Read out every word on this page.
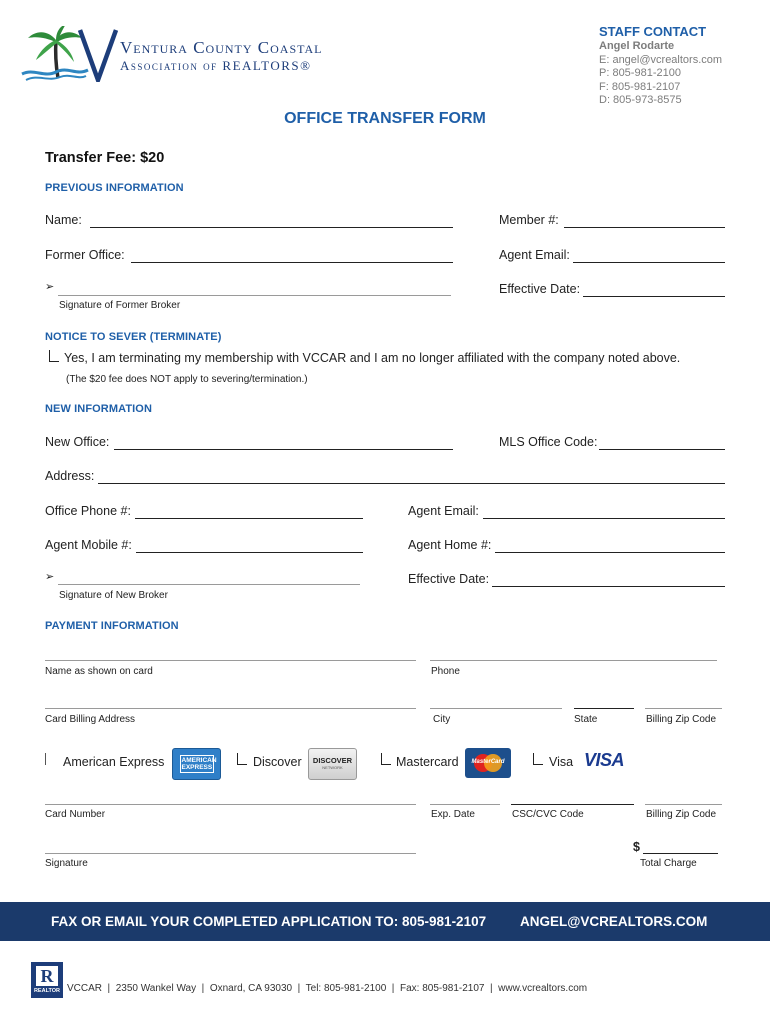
Ventura County Coastal
Association of REALTORS®
STAFF CONTACT
Angel Rodarte
E: angel@vcrealtors.com
P: 805-981-2100
F: 805-981-2107
D: 805-973-8575
OFFICE TRANSFER FORM
Transfer Fee: $20
PREVIOUS INFORMATION
Name:	Member #:
Former Office:	Agent Email:
➢	Effective Date:
Signature of Former Broker
NOTICE TO SEVER (TERMINATE)
Yes, I am terminating my membership with VCCAR and I am no longer affiliated with the company noted above.
(The $20 fee does NOT apply to severing/termination.)
NEW INFORMATION
New Office:	MLS Office Code:
Address:
Office Phone #:	Agent Email:
Agent Mobile #:	Agent Home #:
➢	Effective Date:
Signature of New Broker
PAYMENT INFORMATION
Name as shown on card	Phone
Card Billing Address	City	State	Billing Zip Code
American Express	AMERICAN EXPRESS	Discover	DISCOVER
NETWORK	Mastercard	MasterCard	Visa VISA
Card Number	Exp. Date	CSC/CVC Code	Billing Zip Code
$
Signature	Total Charge
FAX OR EMAIL YOUR COMPLETED APPLICATION TO: 805-981-2107	ANGEL@VCREALTORS.COM
R
REALTOR VCCAR  |  2350 Wankel Way  |  Oxnard, CA 93030  |  Tel: 805-981-2100  |  Fax: 805-981-2107  |  www.vcrealtors.com
